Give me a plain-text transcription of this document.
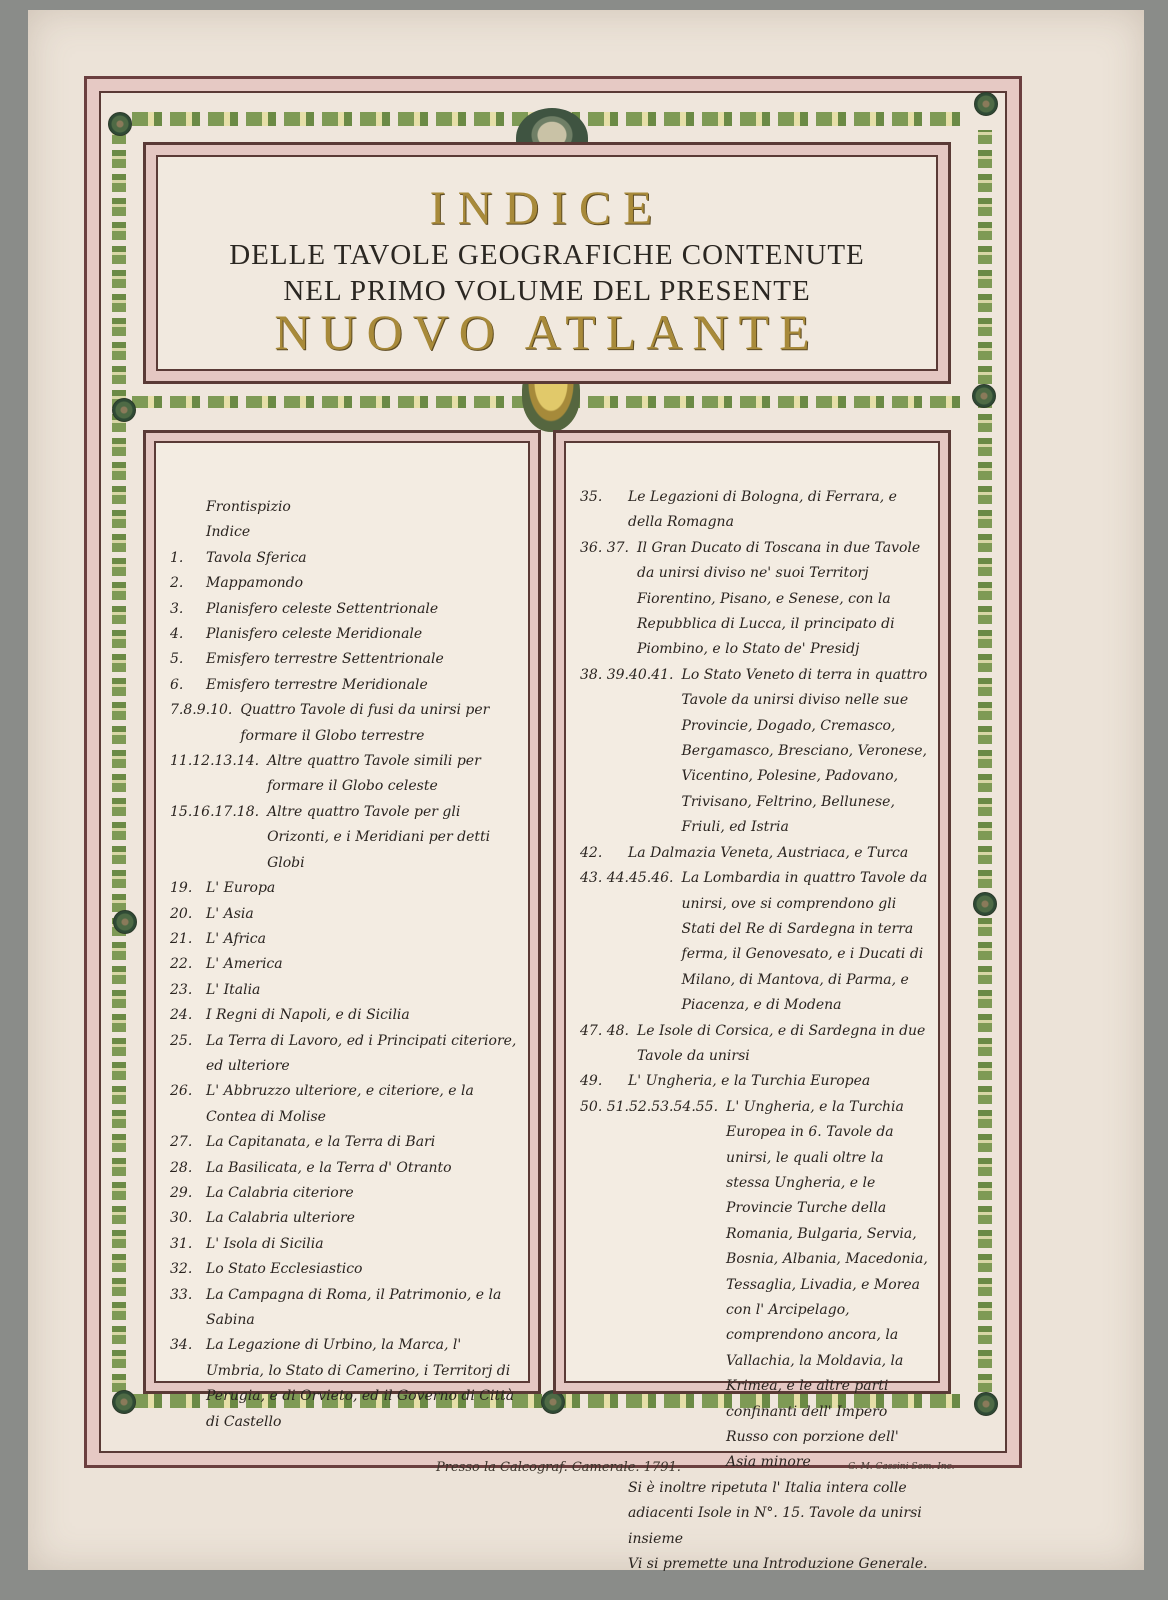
INDICE
DELLE TAVOLE GEOGRAFICHE CONTENUTE
NEL PRIMO VOLUME DEL PRESENTE
NUOVO ATLANTE
Frontispizio
Indice
1.	Tavola Sferica
2.	Mappamondo
3.	Planisfero celeste Settentrionale
4.	Planisfero celeste Meridionale
5.	Emisfero terrestre Settentrionale
6.	Emisfero terrestre Meridionale
7.8.9.10. Quattro Tavole di fusi da unirsi per formare il Globo terrestre
11.12.13.14. Altre quattro Tavole simili per formare il Globo celeste
15.16.17.18. Altre quattro Tavole per gli Orizonti, e i Meridiani per detti Globi
19. L' Europa
20. L' Asia
21. L' Africa
22. L' America
23. L' Italia
24. I Regni di Napoli, e di Sicilia
25. La Terra di Lavoro, ed i Principati citeriore, ed ulteriore
26. L' Abbruzzo ulteriore, e citeriore, e la Contea di Molise
27. La Capitanata, e la Terra di Bari
28. La Basilicata, e la Terra d' Otranto
29. La Calabria citeriore
30. La Calabria ulteriore
31. L' Isola di Sicilia
32. Lo Stato Ecclesiastico
33. La Campagna di Roma, il Patrimonio, e la Sabina
34. La Legazione di Urbino, la Marca, l' Umbria, lo Stato di Camerino, i Territorj di Perugia, e di Orvieto, ed il Governo di Città di Castello
35.	Le Legazioni di Bologna, di Ferrara, e della Romagna
36. 37. Il Gran Ducato di Toscana in due Tavole da unirsi diviso ne' suoi Territorj Fiorentino, Pisano, e Senese, con la Repubblica di Lucca, il principato di Piombino, e lo Stato de' Presidj
38. 39.40.41. Lo Stato Veneto di terra in quattro Tavole da unirsi diviso nelle sue Provincie, Dogado, Cremasco, Bergamasco, Bresciano, Veronese, Vicentino, Polesine, Padovano, Trivisano, Feltrino, Bellunese, Friuli, ed Istria
42.	La Dalmazia Veneta, Austriaca, e Turca
43. 44.45.46. La Lombardia in quattro Tavole da unirsi, ove si comprendono gli Stati del Re di Sardegna in terra ferma, il Genovesato, e i Ducati di Milano, di Mantova, di Parma, e Piacenza, e di Modena
47. 48. Le Isole di Corsica, e di Sardegna in due Tavole da unirsi
49.	L' Ungheria, e la Turchia Europea
50. 51.52.53.54.55. L' Ungheria, e la Turchia Europea in 6. Tavole da unirsi, le quali oltre la stessa Ungheria, e le Provincie Turche della Romania, Bulgaria, Servia, Bosnia, Albania, Macedonia, Tessaglia, Livadia, e Morea con l' Arcipelago, comprendono ancora, la Vallachia, la Moldavia, la Krimea, e le altre parti confinanti dell' Impero Russo con porzione dell' Asia minore
Si è inoltre ripetuta l' Italia intera colle adiacenti Isole in N°. 15. Tavole da unirsi insieme
Vi si premette una Introduzione Generale.
Presso la Calcograf. Camerale. 1791.	G. M. Cassini Som. Inc.
